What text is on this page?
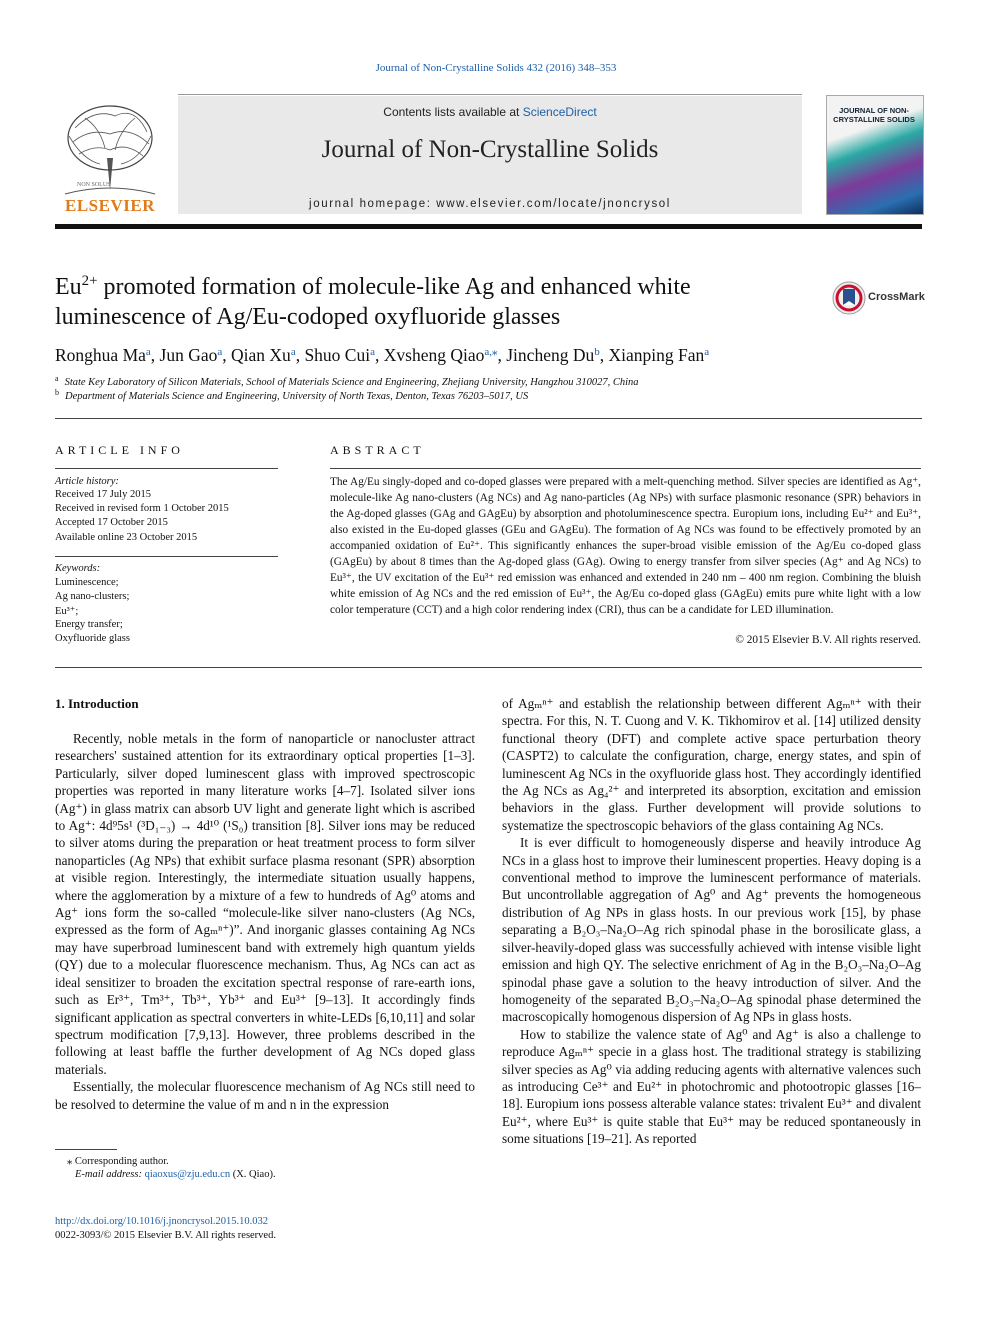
Journal of Non-Crystalline Solids 432 (2016) 348–353
NON SOLUS
ELSEVIER
Contents lists available at ScienceDirect
Journal of Non-Crystalline Solids
journal homepage: www.elsevier.com/locate/jnoncrysol
JOURNAL OF NON-CRYSTALLINE SOLIDS
$Eu^{2+}$ promoted formation of molecule-like Ag and enhanced white
luminescence of Ag/Eu-codoped oxyfluoride glasses
CrossMark
Ronghua Ma$^a$, Jun Gao$^a$, Qian Xu$^a$, Shuo Cui$^a$, Xvsheng Qiao$^{a,⁎}$, Jincheng Du$^b$, Xianping Fan$^a$
$^a$ State Key Laboratory of Silicon Materials, School of Materials Science and Engineering, Zhejiang University, Hangzhou 310027, China
$^b$ Department of Materials Science and Engineering, University of North Texas, Denton, Texas 76203–5017, US
ARTICLE INFO
Article history:
Received 17 July 2015
Received in revised form 1 October 2015
Accepted 17 October 2015
Available online 23 October 2015
Keywords:
Luminescence;
Ag nano-clusters;
Eu³⁺;
Energy transfer;
Oxyfluoride glass
ABSTRACT
The Ag/Eu singly-doped and co-doped glasses were prepared with a melt-quenching method. Silver species are identified as Ag⁺, molecule-like Ag nano-clusters (Ag NCs) and Ag nano-particles (Ag NPs) with surface plasmonic resonance (SPR) behaviors in the Ag-doped glasses (GAg and GAgEu) by absorption and photoluminescence spectra. Europium ions, including Eu²⁺ and Eu³⁺, also existed in the Eu-doped glasses (GEu and GAgEu). The formation of Ag NCs was found to be effectively promoted by an accompanied oxidation of Eu²⁺. This significantly enhances the super-broad visible emission of the Ag/Eu co-doped glass (GAgEu) by about 8 times than the Ag-doped glass (GAg). Owing to energy transfer from silver species (Ag⁺ and Ag NCs) to Eu³⁺, the UV excitation of the Eu³⁺ red emission was enhanced and extended in 240 nm – 400 nm region. Combining the bluish white emission of Ag NCs and the red emission of Eu³⁺, the Ag/Eu co-doped glass (GAgEu) emits pure white light with a low color temperature (CCT) and a high color rendering index (CRI), thus can be a candidate for LED illumination.
© 2015 Elsevier B.V. All rights reserved.
1. Introduction

Recently, noble metals in the form of nanoparticle or nanocluster attract researchers' sustained attention for its extraordinary optical properties [1–3]. Particularly, silver doped luminescent glass with improved spectroscopic properties was reported in many literature works [4–7]. Isolated silver ions (Ag⁺) in glass matrix can absorb UV light and generate light which is ascribed to Ag⁺: 4d⁹5s¹ (³D₁₋₃) → 4d¹⁰ (¹S₀) transition [8]. Silver ions may be reduced to silver atoms during the preparation or heat treatment process to form silver nanoparticles (Ag NPs) that exhibit surface plasma resonant (SPR) absorption at visible region. Interestingly, the intermediate situation usually happens, where the agglomeration by a mixture of a few to hundreds of Ag⁰ atoms and Ag⁺ ions form the so-called “molecule-like silver nano-clusters (Ag NCs, expressed as the form of Agₘⁿ⁺)”. And inorganic glasses containing Ag NCs may have superbroad luminescent band with extremely high quantum yields (QY) due to a molecular fluorescence mechanism. Thus, Ag NCs can act as ideal sensitizer to broaden the excitation spectral response of rare-earth ions, such as Er³⁺, Tm³⁺, Tb³⁺, Yb³⁺ and Eu³⁺ [9–13]. It accordingly finds significant application as spectral converters in white-LEDs [6,10,11] and solar spectrum modification [7,9,13]. However, three problems described in the following at least baffle the further development of Ag NCs doped glass materials.

Essentially, the molecular fluorescence mechanism of Ag NCs still need to be resolved to determine the value of m and n in the expression

of Agₘⁿ⁺ and establish the relationship between different Agₘⁿ⁺ with their spectra. For this, N. T. Cuong and V. K. Tikhomirov et al. [14] utilized density functional theory (DFT) and complete active space perturbation theory (CASPT2) to calculate the configuration, charge, energy states, and spin of luminescent Ag NCs in the oxyfluoride glass host. They accordingly identified the Ag NCs as Ag₄²⁺ and interpreted its absorption, excitation and emission behaviors in the glass. Further development will provide solutions to systematize the spectroscopic behaviors of the glass containing Ag NCs.

It is ever difficult to homogeneously disperse and heavily introduce Ag NCs in a glass host to improve their luminescent properties. Heavy doping is a conventional method to improve the luminescent performance of materials. But uncontrollable aggregation of Ag⁰ and Ag⁺ prevents the homogeneous distribution of Ag NPs in glass hosts. In our previous work [15], by phase separating a B₂O₃–Na₂O–Ag rich spinodal phase in the borosilicate glass, a silver-heavily-doped glass was successfully achieved with intense visible light emission and high QY. The selective enrichment of Ag in the B₂O₃–Na₂O–Ag spinodal phase gave a solution to the heavy introduction of silver. And the homogeneity of the separated B₂O₃–Na₂O–Ag spinodal phase determined the macroscopically homogenous dispersion of Ag NPs in glass hosts.

How to stabilize the valence state of Ag⁰ and Ag⁺ is also a challenge to reproduce Agₘⁿ⁺ specie in a glass host. The traditional strategy is stabilizing silver species as Ag⁰ via adding reducing agents with alternative valences such as introducing Ce³⁺ and Eu²⁺ in photochromic and photootropic glasses [16–18]. Europium ions possess alterable valance states: trivalent Eu³⁺ and divalent Eu²⁺, where Eu³⁺ is quite stable that Eu³⁺ may be reduced spontaneously in some situations [19–21]. As reported

⁎ Corresponding author.
E-mail address: qiaoxus@zju.edu.cn (X. Qiao).
http://dx.doi.org/10.1016/j.jnoncrysol.2015.10.032
0022-3093/© 2015 Elsevier B.V. All rights reserved.
